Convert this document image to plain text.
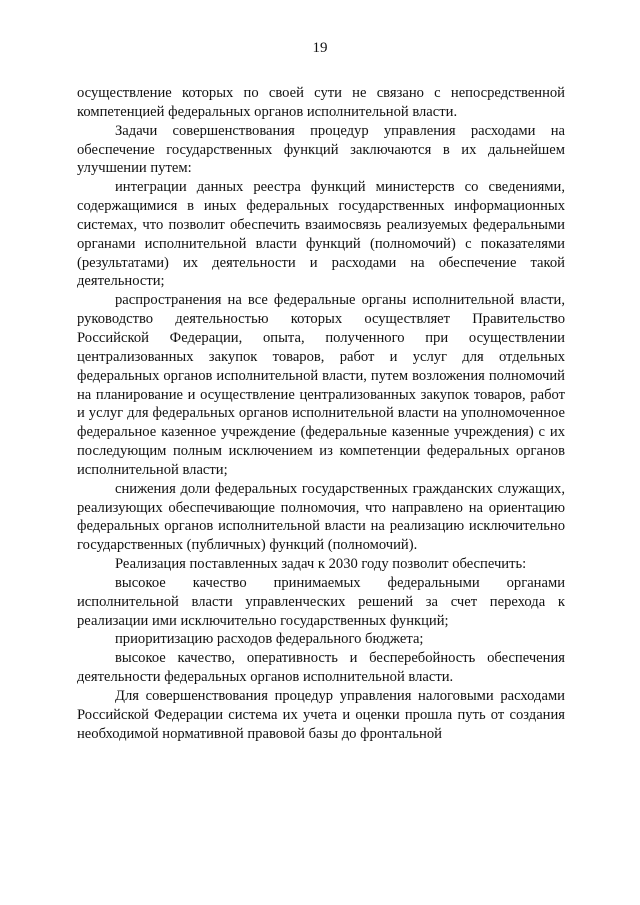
19

осуществление которых по своей сути не связано с непосредственной компетенцией федеральных органов исполнительной власти.

Задачи совершенствования процедур управления расходами на обеспечение государственных функций заключаются в их дальнейшем улучшении путем:

интеграции данных реестра функций министерств со сведениями, содержащимися в иных федеральных государственных информационных системах, что позволит обеспечить взаимосвязь реализуемых федеральными органами исполнительной власти функций (полномочий) с показателями (результатами) их деятельности и расходами на обеспечение такой деятельности;

распространения на все федеральные органы исполнительной власти, руководство деятельностью которых осуществляет Правительство Российской Федерации, опыта, полученного при осуществлении централизованных закупок товаров, работ и услуг для отдельных федеральных органов исполнительной власти, путем возложения полномочий на планирование и осуществление централизованных закупок товаров, работ и услуг для федеральных органов исполнительной власти на уполномоченное федеральное казенное учреждение (федеральные казенные учреждения) с их последующим полным исключением из компетенции федеральных органов исполнительной власти;

снижения доли федеральных государственных гражданских служащих, реализующих обеспечивающие полномочия, что направлено на ориентацию федеральных органов исполнительной власти на реализацию исключительно государственных (публичных) функций (полномочий).

Реализация поставленных задач к 2030 году позволит обеспечить:

высокое качество принимаемых федеральными органами исполнительной власти управленческих решений за счет перехода к реализации ими исключительно государственных функций;

приоритизацию расходов федерального бюджета;

высокое качество, оперативность и бесперебойность обеспечения деятельности федеральных органов исполнительной власти.

Для совершенствования процедур управления налоговыми расходами Российской Федерации система их учета и оценки прошла путь от создания необходимой нормативной правовой базы до фронтальной
